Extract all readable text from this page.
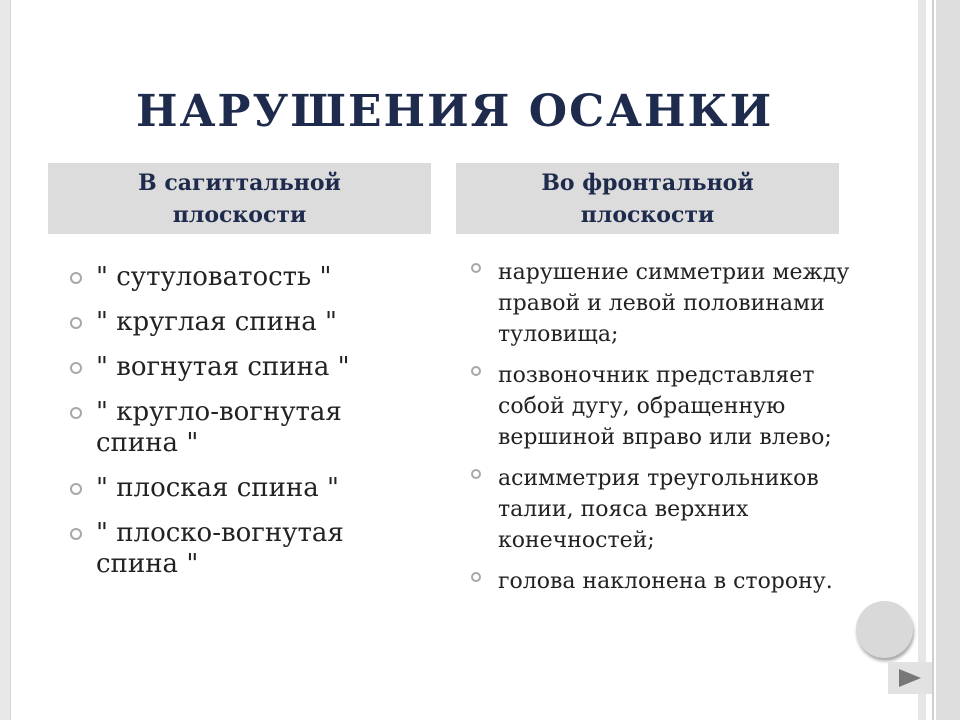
НАРУШЕНИЯ ОСАНКИ
В сагиттальной плоскости
Во фронтальной плоскости
" сутуловатость "
" круглая спина "
" вогнутая спина "
" кругло-вогнутая спина "
" плоская спина "
" плоско-вогнутая спина "
нарушение симметрии между правой и левой половинами туловища;
позвоночник представляет собой дугу, обращенную вершиной вправо или влево;
асимметрия треугольников талии, пояса верхних конечностей;
голова наклонена в сторону.
